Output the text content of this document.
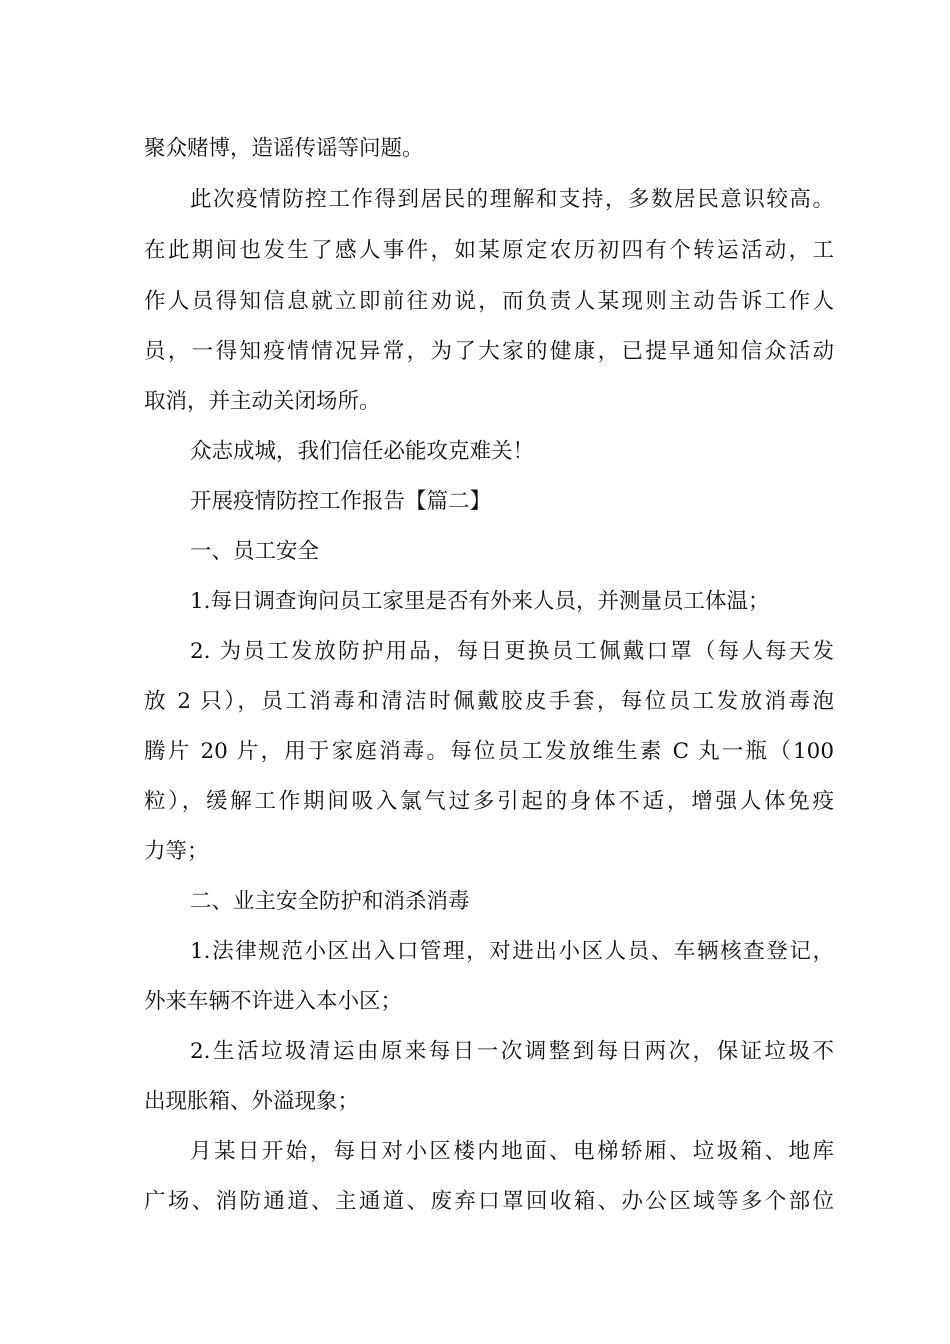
聚众赌博，造谣传谣等问题。
此次疫情防控工作得到居民的理解和支持，多数居民意识较高。
在此期间也发生了感人事件，如某原定农历初四有个转运活动，工
作人员得知信息就立即前往劝说，而负责人某现则主动告诉工作人
员，一得知疫情情况异常，为了大家的健康，已提早通知信众活动
取消，并主动关闭场所。
众志成城，我们信任必能攻克难关！
开展疫情防控工作报告【篇二】
一、员工安全
1.每日调查询问员工家里是否有外来人员，并测量员工体温；
2. 为员工发放防护用品，每日更换员工佩戴口罩（每人每天发
放 2 只），员工消毒和清洁时佩戴胶皮手套，每位员工发放消毒泡
腾片 20 片，用于家庭消毒。每位员工发放维生素 C 丸一瓶（100
粒），缓解工作期间吸入氯气过多引起的身体不适，增强人体免疫
力等；
二、业主安全防护和消杀消毒
1.法律规范小区出入口管理，对进出小区人员、车辆核查登记，
外来车辆不许进入本小区；
2.生活垃圾清运由原来每日一次调整到每日两次，保证垃圾不
出现胀箱、外溢现象；
月某日开始，每日对小区楼内地面、电梯轿厢、垃圾箱、地库
广场、消防通道、主通道、废弃口罩回收箱、办公区域等多个部位
